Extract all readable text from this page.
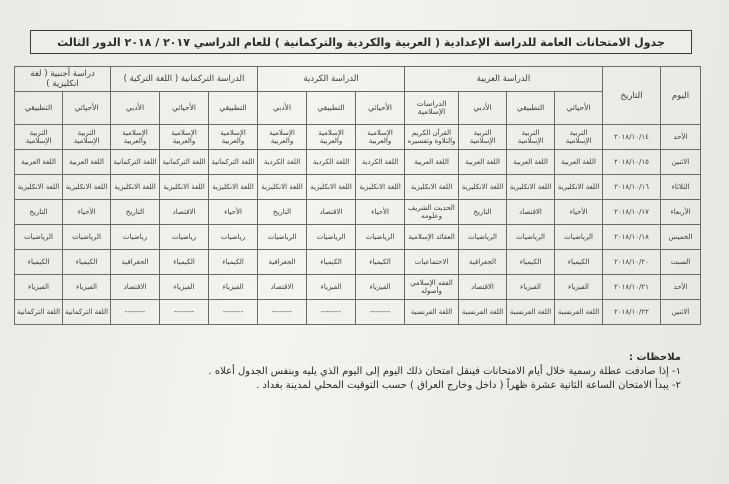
جدول الامتحانات العامة للدراسة الإعدادية ( العربية والكردية والتركمانية ) للعام الدراسي ٢٠١٧ / ٢٠١٨ الدور الثالث
اليوم	التاريخ	الدراسة العربية				الدراسة الكردية			الدراسة التركمانية ( اللغة التركية )			دراسة أجنبية ( لغة انكليزية )	
		الأحيائي	التطبيقي	الأدبي	الدراسات الإسلامية	الأحيائي	التطبيقي	الأدبي	التطبيقي	الأحيائي	الأدبي	الأحيائي	التطبيقي
الأحد	٢٠١٨/١٠/١٤	التربية الإسلامية	التربية الإسلامية	التربية الإسلامية	القرآن الكريم والتلاوة وتفسيره	الإسلامية والعربية	الإسلامية والعربية	الإسلامية والعربية	الإسلامية والعربية	الإسلامية والعربية	الإسلامية والعربية	التربية الإسلامية	التربية الإسلامية
الاثنين	٢٠١٨/١٠/١٥	اللغة العربية	اللغة العربية	اللغة العربية	اللغة العربية	اللغة الكردية	اللغة الكردية	اللغة الكردية	اللغة التركمانية	اللغة التركمانية	اللغة التركمانية	اللغة العربية	اللغة العربية
الثلاثاء	٢٠١٨/١٠/١٦	اللغة الانكليزية	اللغة الانكليزية	اللغة الانكليزية	اللغة الانكليزية	اللغة الانكليزية	اللغة الانكليزية	اللغة الانكليزية	اللغة الانكليزية	اللغة الانكليزية	اللغة الانكليزية	اللغة الانكليزية	اللغة الانكليزية
الأربعاء	٢٠١٨/١٠/١٧	الأحياء	الاقتصاد	التاريخ	الحديث الشريف وعلومه	الأحياء	الاقتصاد	التاريخ	الأحياء	الاقتصاد	التاريخ	الأحياء	التاريخ
الخميس	٢٠١٨/١٠/١٨	الرياضيات	الرياضيات	الرياضيات	العقائد الإسلامية	الرياضيات	الرياضيات	الرياضيات	رياضيات	رياضيات	رياضيات	الرياضيات	الرياضيات
السبت	٢٠١٨/١٠/٢٠	الكيمياء	الكيمياء	الجغرافية	الاجتماعيات	الكيمياء	الكيمياء	الجغرافية	الكيمياء	الكيمياء	الجغرافية	الكيمياء	الكيمياء
الأحد	٢٠١٨/١٠/٢١	الفيزياء	الفيزياء	الاقتصاد	الفقه الإسلامي وأصوله	الفيزياء	الفيزياء	الاقتصاد	الفيزياء	الفيزياء	الاقتصاد	الفيزياء	الفيزياء
الاثنين	٢٠١٨/١٠/٢٢	اللغة الفرنسية	اللغة الفرنسية	اللغة الفرنسية	اللغة الفرنسية	--------	--------	--------	--------	--------	--------	اللغة التركمانية	اللغة التركمانية
ملاحظات :
١- إذا صادفت عطلة رسمية خلال أيام الامتحانات فينقل امتحان ذلك اليوم إلى اليوم الذي يليه وبنفس الجدول أعلاه .
٢- يبدأ الامتحان الساعة الثانية عشرة ظهراً ( داخل وخارج العراق ) حسب التوقيت المحلي لمدينة بغداد .
